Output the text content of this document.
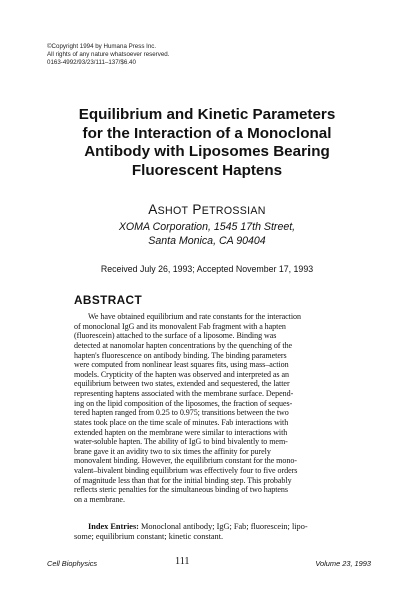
©Copyright 1994 by Humana Press Inc.
All rights of any nature whatsoever reserved.
0163-4992/93/23/111–137/$6.40
Equilibrium and Kinetic Parameters
for the Interaction of a Monoclonal
Antibody with Liposomes Bearing
Fluorescent Haptens
ASHOT PETROSSIAN
XOMA Corporation, 1545 17th Street,
Santa Monica, CA 90404
Received July 26, 1993; Accepted November 17, 1993
ABSTRACT
We have obtained equilibrium and rate constants for the interaction
of monoclonal IgG and its monovalent Fab fragment with a hapten
(fluorescein) attached to the surface of a liposome. Binding was
detected at nanomolar hapten concentrations by the quenching of the
hapten's fluorescence on antibody binding. The binding parameters
were computed from nonlinear least squares fits, using mass–action
models. Crypticity of the hapten was observed and interpreted as an
equilibrium between two states, extended and sequestered, the latter
representing haptens associated with the membrane surface. Depend-
ing on the lipid composition of the liposomes, the fraction of seques-
tered hapten ranged from 0.25 to 0.975; transitions between the two
states took place on the time scale of minutes. Fab interactions with
extended hapten on the membrane were similar to interactions with
water-soluble hapten. The ability of IgG to bind bivalently to mem-
brane gave it an avidity two to six times the affinity for purely
monovalent binding. However, the equilibrium constant for the mono-
valent–bivalent binding equilibrium was effectively four to five orders
of magnitude less than that for the initial binding step. This probably
reflects steric penalties for the simultaneous binding of two haptens
on a membrane.
Index Entries: Monoclonal antibody; IgG; Fab; fluorescein; lipo-
some; equilibrium constant; kinetic constant.
Cell Biophysics	111	Volume 23, 1993
